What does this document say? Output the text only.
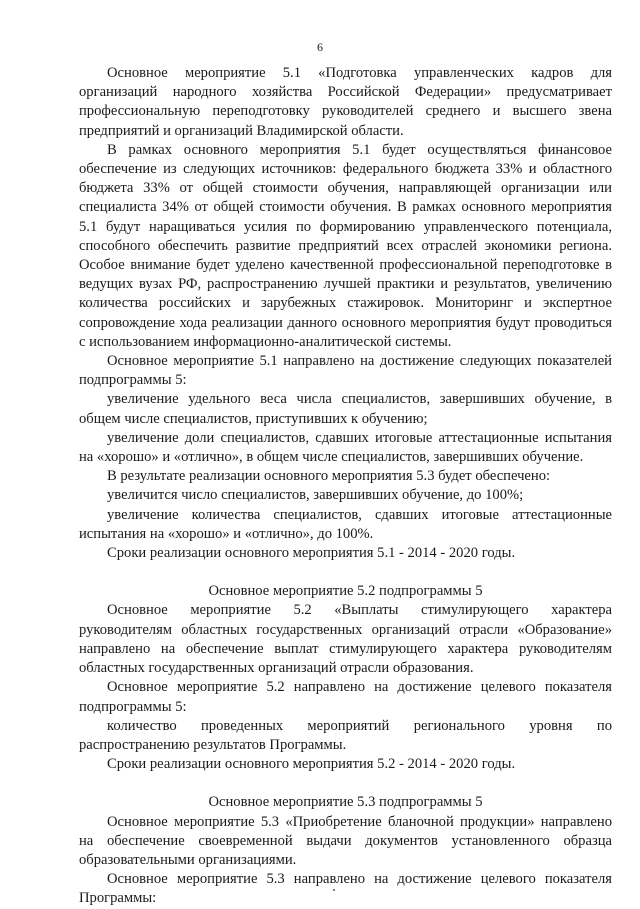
6

Основное мероприятие 5.1 «Подготовка управленческих кадров для организаций народного хозяйства Российской Федерации» предусматривает профессиональную переподготовку руководителей среднего и высшего звена предприятий и организаций Владимирской области.

В рамках основного мероприятия 5.1 будет осуществляться финансовое обеспечение из следующих источников: федерального бюджета 33% и областного бюджета 33% от общей стоимости обучения, направляющей организации или специалиста 34% от общей стоимости обучения. В рамках основного мероприятия 5.1 будут наращиваться усилия по формированию управленческого потенциала, способного обеспечить развитие предприятий всех отраслей экономики региона. Особое внимание будет уделено качественной профессиональной переподготовке в ведущих вузах РФ, распространению лучшей практики и результатов, увеличению количества российских и зарубежных стажировок. Мониторинг и экспертное сопровождение хода реализации данного основного мероприятия будут проводиться с использованием информационно-аналитической системы.

Основное мероприятие 5.1 направлено на достижение следующих показателей подпрограммы 5:

увеличение удельного веса числа специалистов, завершивших обучение, в общем числе специалистов, приступивших к обучению;

увеличение доли специалистов, сдавших итоговые аттестационные испытания на «хорошо» и «отлично», в общем числе специалистов, завершивших обучение.

В результате реализации основного мероприятия 5.3 будет обеспечено:

увеличится число специалистов, завершивших обучение, до 100%;

увеличение количества специалистов, сдавших итоговые аттестационные испытания на «хорошо» и «отлично», до 100%.

Сроки реализации основного мероприятия 5.1 - 2014 - 2020 годы.

Основное мероприятие 5.2 подпрограммы 5

Основное мероприятие 5.2 «Выплаты стимулирующего характера руководителям областных государственных организаций отрасли «Образование» направлено на обеспечение выплат стимулирующего характера руководителям областных государственных организаций отрасли образования.

Основное мероприятие 5.2 направлено на достижение целевого показателя подпрограммы 5:

количество проведенных мероприятий регионального уровня по распространению результатов Программы.

Сроки реализации основного мероприятия 5.2 - 2014 - 2020 годы.

Основное мероприятие 5.3 подпрограммы 5

Основное мероприятие 5.3 «Приобретение бланочной продукции» направлено на обеспечение своевременной выдачи документов установленного образца образовательными организациями.

Основное мероприятие 5.3 направлено на достижение целевого показателя Программы:
